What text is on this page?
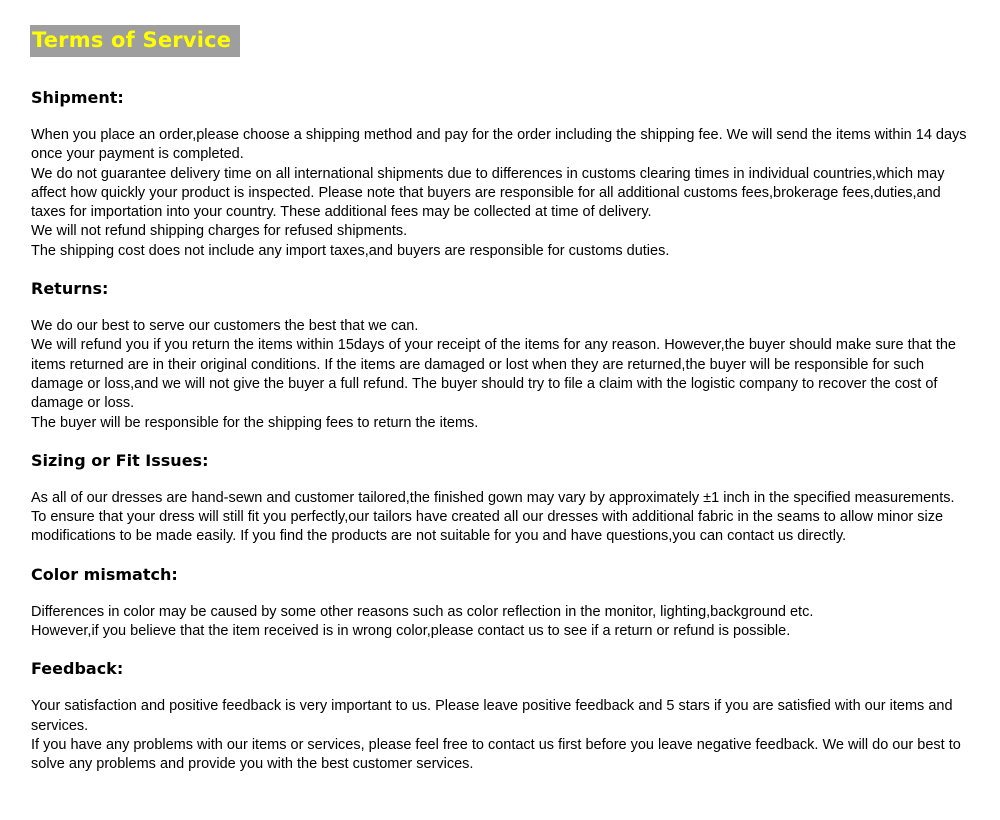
Terms of Service
Shipment:

When you place an order,please choose a shipping method and pay for the order including the shipping fee. We will send the items within 14 days once your payment is completed.

We do not guarantee delivery time on all international shipments due to differences in customs clearing times in individual countries,which may affect how quickly your product is inspected. Please note that buyers are responsible for all additional customs fees,brokerage fees,duties,and taxes for importation into your country. These additional fees may be collected at time of delivery.

We will not refund shipping charges for refused shipments.

The shipping cost does not include any import taxes,and buyers are responsible for customs duties.

Returns:

We do our best to serve our customers the best that we can.

We will refund you if you return the items within 15days of your receipt of the items for any reason. However,the buyer should make sure that the items returned are in their original conditions. If the items are damaged or lost when they are returned,the buyer will be responsible for such damage or loss,and we will not give the buyer a full refund. The buyer should try to file a claim with the logistic company to recover the cost of damage or loss.

The buyer will be responsible for the shipping fees to return the items.

Sizing or Fit Issues:

As all of our dresses are hand-sewn and customer tailored,the finished gown may vary by approximately ±1 inch in the specified measurements. To ensure that your dress will still fit you perfectly,our tailors have created all our dresses with additional fabric in the seams to allow minor size modifications to be made easily. If you find the products are not suitable for you and have questions,you can contact us directly.

Color mismatch:

Differences in color may be caused by some other reasons such as color reflection in the monitor, lighting,background etc.

However,if you believe that the item received is in wrong color,please contact us to see if a return or refund is possible.

Feedback:

Your satisfaction and positive feedback is very important to us. Please leave positive feedback and 5 stars if you are satisfied with our items and services.

If you have any problems with our items or services, please feel free to contact us first before you leave negative feedback. We will do our best to solve any problems and provide you with the best customer services.
